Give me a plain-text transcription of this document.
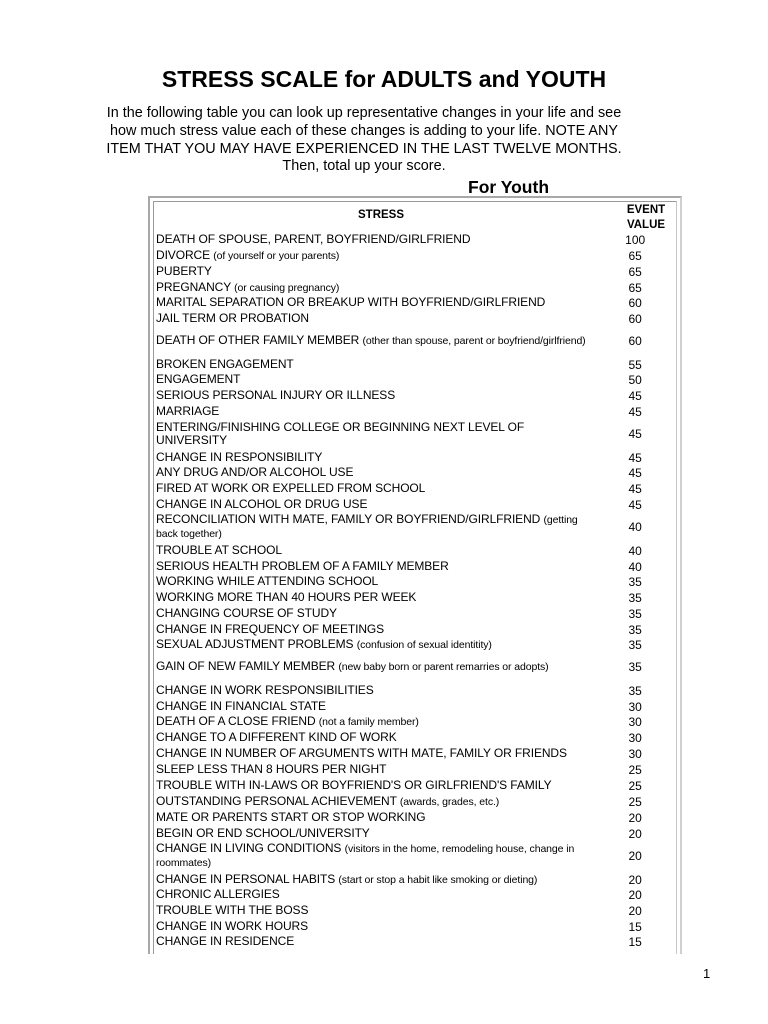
STRESS SCALE for ADULTS and YOUTH
In the following table you can look up representative changes in your life and see how much stress value each of these changes is adding to your life. NOTE ANY ITEM THAT YOU MAY HAVE EXPERIENCED IN THE LAST TWELVE MONTHS. Then, total up your score.
For Youth
STRESS	EVENT
VALUE
DEATH OF SPOUSE, PARENT, BOYFRIEND/GIRLFRIEND	100
DIVORCE (of yourself or your parents)	65
PUBERTY	65
PREGNANCY (or causing pregnancy)	65
MARITAL SEPARATION OR BREAKUP WITH BOYFRIEND/GIRLFRIEND	60
JAIL TERM OR PROBATION	60
DEATH OF OTHER FAMILY MEMBER (other than spouse, parent or boyfriend/girlfriend)	60
BROKEN ENGAGEMENT	55
ENGAGEMENT	50
SERIOUS PERSONAL INJURY OR ILLNESS	45
MARRIAGE	45
ENTERING/FINISHING COLLEGE OR BEGINNING NEXT LEVEL OF UNIVERSITY	45
CHANGE IN RESPONSIBILITY	45
ANY DRUG AND/OR ALCOHOL USE	45
FIRED AT WORK OR EXPELLED FROM SCHOOL	45
CHANGE IN ALCOHOL OR DRUG USE	45
RECONCILIATION WITH MATE, FAMILY OR BOYFRIEND/GIRLFRIEND (getting back together)	40
TROUBLE AT SCHOOL	40
SERIOUS HEALTH PROBLEM OF A FAMILY MEMBER	40
WORKING WHILE ATTENDING SCHOOL	35
WORKING MORE THAN 40 HOURS PER WEEK	35
CHANGING COURSE OF STUDY	35
CHANGE IN FREQUENCY OF MEETINGS	35
SEXUAL ADJUSTMENT PROBLEMS (confusion of sexual identitity)	35
GAIN OF NEW FAMILY MEMBER (new baby born or parent remarries or adopts)	35
CHANGE IN WORK RESPONSIBILITIES	35
CHANGE IN FINANCIAL STATE	30
DEATH OF A CLOSE FRIEND (not a family member)	30
CHANGE TO A DIFFERENT KIND OF WORK	30
CHANGE IN NUMBER OF ARGUMENTS WITH MATE, FAMILY OR FRIENDS	30
SLEEP LESS THAN 8 HOURS PER NIGHT	25
TROUBLE WITH IN-LAWS OR BOYFRIEND'S OR GIRLFRIEND'S FAMILY	25
OUTSTANDING PERSONAL ACHIEVEMENT (awards, grades, etc.)	25
MATE OR PARENTS START OR STOP WORKING	20
BEGIN OR END SCHOOL/UNIVERSITY	20
CHANGE IN LIVING CONDITIONS (visitors in the home, remodeling house, change in roommates)	20
CHANGE IN PERSONAL HABITS (start or stop a habit like smoking or dieting)	20
CHRONIC ALLERGIES	20
TROUBLE WITH THE BOSS	20
CHANGE IN WORK HOURS	15
CHANGE IN RESIDENCE	15
1
